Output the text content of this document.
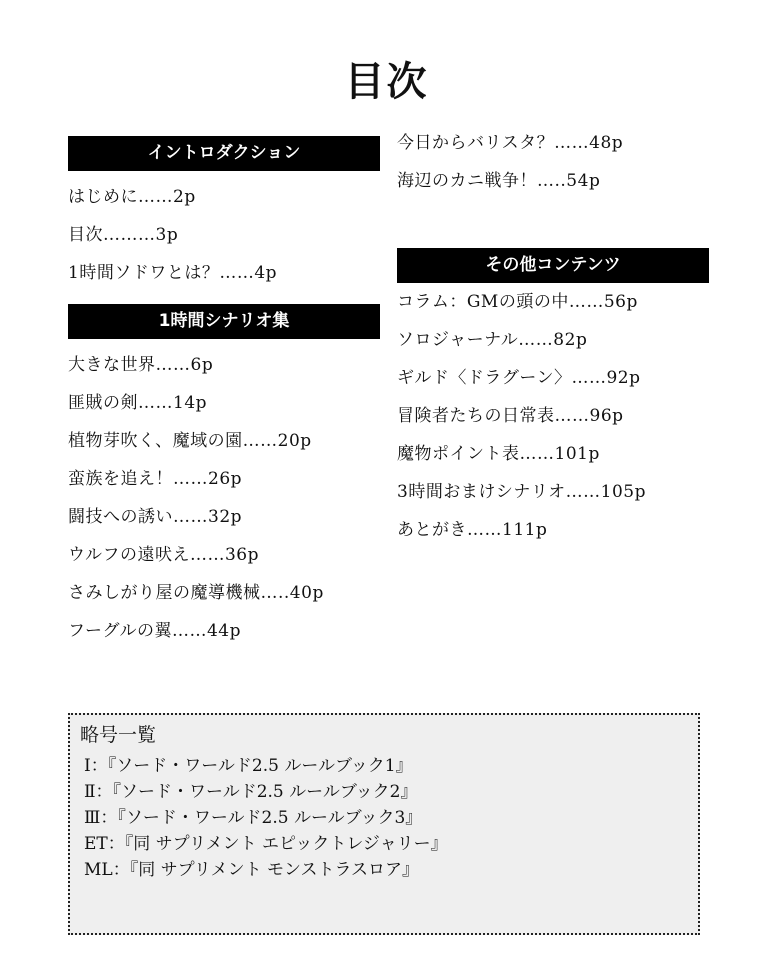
目次
イントロダクション
はじめに……2p
目次………3p
1時間ソドワとは？……4p
1時間シナリオ集
大きな世界……6p
匪賊の剣……14p
植物芽吹く、魔域の園……20p
蛮族を追え！……26p
闘技への誘い……32p
ウルフの遠吠え……36p
さみしがり屋の魔導機械…..40p
フーグルの翼……44p
今日からバリスタ？……48p
海辺のカニ戦争！…..54p
その他コンテンツ
コラム：GMの頭の中……56p
ソロジャーナル……82p
ギルド〈ドラグーン〉……92p
冒険者たちの日常表……96p
魔物ポイント表……101p
3時間おまけシナリオ……105p
あとがき……111p
略号一覧
Ⅰ：『ソード・ワールド2.5 ルールブック1』
Ⅱ：『ソード・ワールド2.5 ルールブック2』
Ⅲ：『ソード・ワールド2.5 ルールブック3』
ET：『同 サプリメント エピックトレジャリー』
ML：『同 サプリメント モンストラスロア』
